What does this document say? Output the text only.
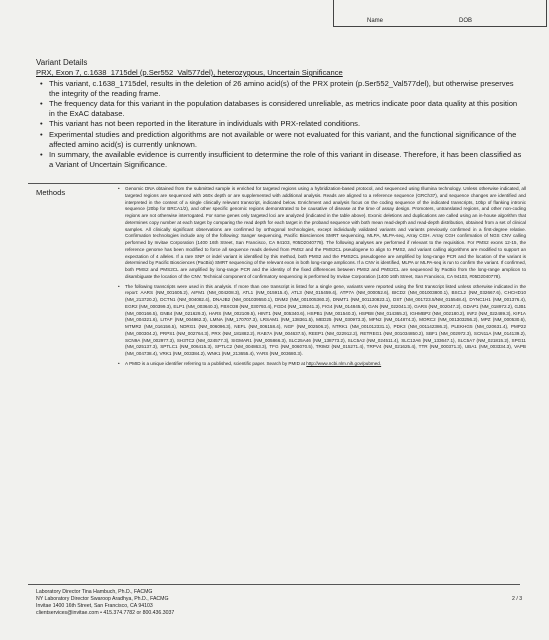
Name	DOB
Variant Details
PRX, Exon 7, c.1638_1715del (p.Ser552_Val577del), heterozygous, Uncertain Significance
• This variant, c.1638_1715del, results in the deletion of 26 amino acid(s) of the PRX protein (p.Ser552_Val577del), but otherwise preserves the integrity of the reading frame.
• The frequency data for this variant in the population databases is considered unreliable, as metrics indicate poor data quality at this position in the ExAC database.
• This variant has not been reported in the literature in individuals with PRX-related conditions.
• Experimental studies and prediction algorithms are not available or were not evaluated for this variant, and the functional significance of the affected amino acid(s) is currently unknown.
• In summary, the available evidence is currently insufficient to determine the role of this variant in disease. Therefore, it has been classified as a Variant of Uncertain Significance.
Methods
•	Genomic DNA obtained from the submitted sample is enriched for targeted regions using a hybridization-based protocol, and sequenced using Illumina technology. Unless otherwise indicated, all targeted regions are sequenced with ≥50x depth or are supplemented with additional analysis. Reads are aligned to a reference sequence (GRCh37), and sequence changes are identified and interpreted in the context of a single clinically relevant transcript, indicated below. Enrichment and analysis focus on the coding sequence of the indicated transcripts, 10bp of flanking intronic sequence (20bp for BRCA1/2), and other specific genomic regions demonstrated to be causative of disease at the time of assay design. Promoters, untranslated regions, and other non-coding regions are not otherwise interrogated. For some genes only targeted loci are analyzed (indicated in the table above). Exonic deletions and duplications are called using an in-house algorithm that determines copy number at each target by comparing the read depth for each target in the proband sequence with both mean read-depth and read-depth distribution, obtained from a set of clinical samples. All clinically significant observations are confirmed by orthogonal technologies, except individually validated variants and variants previously confirmed in a first-degree relative. Confirmation technologies include any of the following: Sanger sequencing, Pacific Biosciences SMRT sequencing, MLPA, MLPA-seq, Array CGH. Array CGH confirmation of NGS CNV calling performed by Invitae Corporation (1400 16th Street, San Francisco, CA 94103, #05D2040778). The following analyses are performed if relevant to the requisition. For PMS2 exons 12-15, the reference genome has been modified to force all sequence reads derived from PMS2 and the PMS2CL pseudogene to align to PMS2, and variant calling algorithms are modified to support an expectation of 4 alleles. If a rare SNP or indel variant is identified by this method, both PMS2 and the PMS2CL pseudogene are amplified by long-range PCR and the location of the variant is determined by Pacific Biosciences (PacBio) SMRT sequencing of the relevant exon in both long-range amplicons. If a CNV is identified, MLPA or MLPA-seq is run to confirm the variant. If confirmed, both PMS2 and PMS2CL are amplified by long-range PCR and the identity of the fixed differences between PMS2 and PMS2CL are sequenced by PacBio from the long-range amplicon to disambiguate the location of the CNV. Technical component of confirmatory sequencing is performed by Invitae Corporation (1400 16th Street, San Francisco, CA 94103, #05D2040778).
• The following transcripts were used in this analysis. If more than one transcript is listed for a single gene, variants were reported using the first transcript listed unless otherwise indicated in the report: AARS (NM_001605.2), AIFM1 (NM_004208.3), ATL1 (NM_015915.4), ATL3 (NM_015459.4), ATP7A (NM_000052.6), BICD2 (NM_001003800.1), BSCL2 (NM_032667.6), CHCHD10 (NM_213720.2), DCTN1 (NM_004082.4), DNAJB2 (NM_001039550.1), DNM2 (NM_001005360.2), DNMT1 (NM_001130823.1), DST (NM_001723.5/NM_015548.4), DYNC1H1 (NM_001376.4), EGR2 (NM_000399.3), ELP1 (NM_003640.3), FBXO38 (NM_030793.4), FGD4 (NM_139241.3), FIG4 (NM_014845.5), GAN (NM_022041.3), GARS (NM_002047.2), GDAP1 (NM_018972.2), GJB1 (NM_000166.5), GNB4 (NM_021629.3), HARS (NM_002109.5), HINT1 (NM_005340.6), HSPB1 (NM_001540.3), HSPB8 (NM_014365.2), IGHMBP2 (NM_002180.2), INF2 (NM_022489.3), KIF1A (NM_004321.6), LITAF (NM_004862.3), LMNA (NM_170707.3), LRSAM1 (NM_138361.5), MED25 (NM_030973.3), MFN2 (NM_014874.3), MORC2 (NM_001303256.2), MPZ (NM_000530.6), MTMR2 (NM_016156.5), NDRG1 (NM_006096.3), NEFL (NM_006158.4), NGF (NM_002506.2), NTRK1 (NM_001012331.1), PDK3 (NM_001142386.2), PLEKHG5 (NM_020631.4), PMP22 (NM_000304.2), PRPS1 (NM_002764.3), PRX (NM_181882.2), RAB7A (NM_004637.5), REEP1 (NM_022912.2), RETREG1 (NM_001034850.2), SBF1 (NM_002972.3), SCN11A (NM_014139.2), SCN9A (NM_002977.3), SH3TC2 (NM_024577.3), SIGMAR1 (NM_005866.3), SLC25A46 (NM_138773.2), SLC5A2 (NM_024511.4), SLC12A6 (NM_133647.1), SLC5A7 (NM_021815.2), SPG11 (NM_025137.3), SPTLC1 (NM_006415.3), SPTLC2 (NM_004863.3), TFG (NM_006070.5), TRIM2 (NM_015271.4), TRPV4 (NM_021625.4), TTR (NM_000371.3), UBA1 (NM_003334.3), VAPB (NM_004738.4), VRK1 (NM_003384.2), WNK1 (NM_213655.4), YARS (NM_003680.3).
• A PMID is a unique identifier referring to a published, scientific paper. Search by PMID at http://www.ncbi.nlm.nih.gov/pubmed.
Laboratory Director Tina Hambuch, Ph.D., FACMG
NY Laboratory Director Swaroop Aradhya, Ph.D., FACMG
Invitae 1400 16th Street, San Francisco, CA 94103
clientservices@invitae.com • 415.374.7782 or 800.436.3037
2 / 3
